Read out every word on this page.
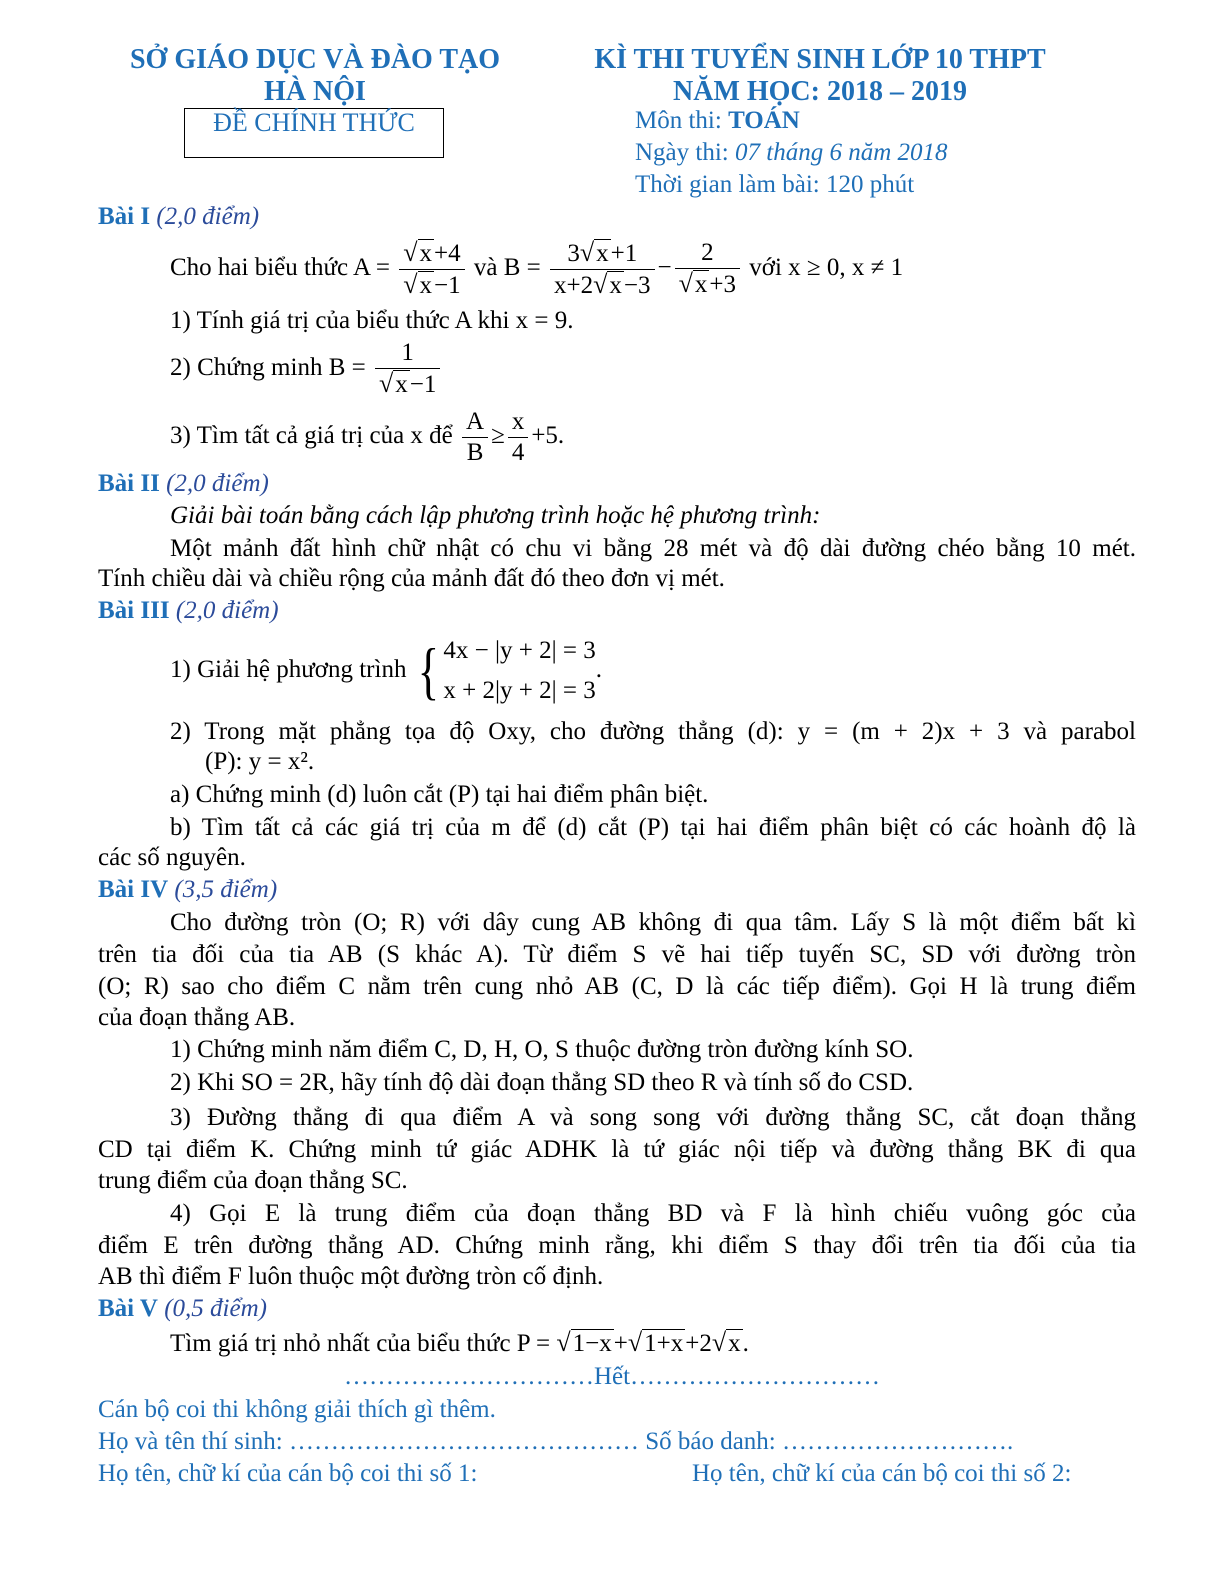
SỞ GIÁO DỤC VÀ ĐÀO TẠO
HÀ NỘI
ĐỀ CHÍNH THỨC
KÌ THI TUYỂN SINH LỚP 10 THPT
NĂM HỌC: 2018 – 2019
Môn thi: TOÁN
Ngày thi: 07 tháng 6 năm 2018
Thời gian làm bài: 120 phút
Bài I (2,0 điểm)
Cho hai biểu thức $A = \frac{√x+4}{√x-1}$ và $B = \frac{3√x+1}{x+2√x-3} - \frac{2}{√x+3}$ với x ≥ 0, x ≠ 1
1) Tính giá trị của biểu thức A khi x = 9.
2) Chứng minh $B = \frac{1}{√x-1}$
3) Tìm tất cả giá trị của x để $\frac{A}{B} \ge \frac{x}{4} +5$.
Bài II (2,0 điểm)
Giải bài toán bằng cách lập phương trình hoặc hệ phương trình:
Một mảnh đất hình chữ nhật có chu vi bằng 28 mét và độ dài đường chéo bằng 10 mét.
Tính chiều dài và chiều rộng của mảnh đất đó theo đơn vị mét.
Bài III (2,0 điểm)
1) Giải hệ phương trình { 4x − |y + 2| = 3
x + 2|y + 2| = 3
.
2) Trong mặt phẳng tọa độ Oxy, cho đường thẳng (d): y = (m + 2)x + 3 và parabol
(P): y = x².
a) Chứng minh (d) luôn cắt (P) tại hai điểm phân biệt.
b) Tìm tất cả các giá trị của m để (d) cắt (P) tại hai điểm phân biệt có các hoành độ là
các số nguyên.
Bài IV (3,5 điểm)
Cho đường tròn (O; R) với dây cung AB không đi qua tâm. Lấy S là một điểm bất kì
trên tia đối của tia AB (S khác A). Từ điểm S vẽ hai tiếp tuyến SC, SD với đường tròn
(O; R) sao cho điểm C nằm trên cung nhỏ AB (C, D là các tiếp điểm). Gọi H là trung điểm
của đoạn thẳng AB.
1) Chứng minh năm điểm C, D, H, O, S thuộc đường tròn đường kính SO.
2) Khi SO = 2R, hãy tính độ dài đoạn thẳng SD theo R và tính số đo CSD.
3) Đường thẳng đi qua điểm A và song song với đường thẳng SC, cắt đoạn thẳng
CD tại điểm K. Chứng minh tứ giác ADHK là tứ giác nội tiếp và đường thẳng BK đi qua
trung điểm của đoạn thẳng SC.
4) Gọi E là trung điểm của đoạn thẳng BD và F là hình chiếu vuông góc của
điểm E trên đường thẳng AD. Chứng minh rằng, khi điểm S thay đổi trên tia đối của tia
AB thì điểm F luôn thuộc một đường tròn cố định.
Bài V (0,5 điểm)
Tìm giá trị nhỏ nhất của biểu thức P = √1−x+√1+x+2√x.
…………………………Hết…………………………
Cán bộ coi thi không giải thích gì thêm.
Họ và tên thí sinh: …………………………………… Số báo danh: ……………………….
Họ tên, chữ kí của cán bộ coi thi số 1:	Họ tên, chữ kí của cán bộ coi thi số 2:
